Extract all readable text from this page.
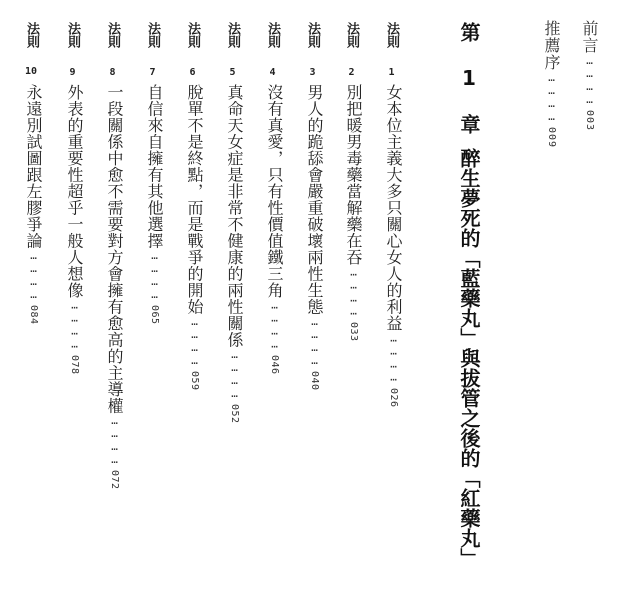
前言…………003
推薦序…………009
第 1 章醉生夢死的「藍藥丸」與拔管之後的「紅藥丸」
法則 1
女本位主義大多只關心女人的利益…………026
法則 2
別把暖男毒藥當解藥在吞…………033
法則 3
男人的跪舔會嚴重破壞兩性生態…………040
法則 4
沒有真愛，只有性價值鐵三角…………046
法則 5
真命天女症是非常不健康的兩性關係…………052
法則 6
脫單不是終點，而是戰爭的開始…………059
法則 7
自信來自擁有其他選擇…………065
法則 8
一段關係中愈不需要對方會擁有愈高的主導權…………072
法則 9
外表的重要性超乎一般人想像…………078
法則 10
永遠別試圖跟左膠爭論…………084
